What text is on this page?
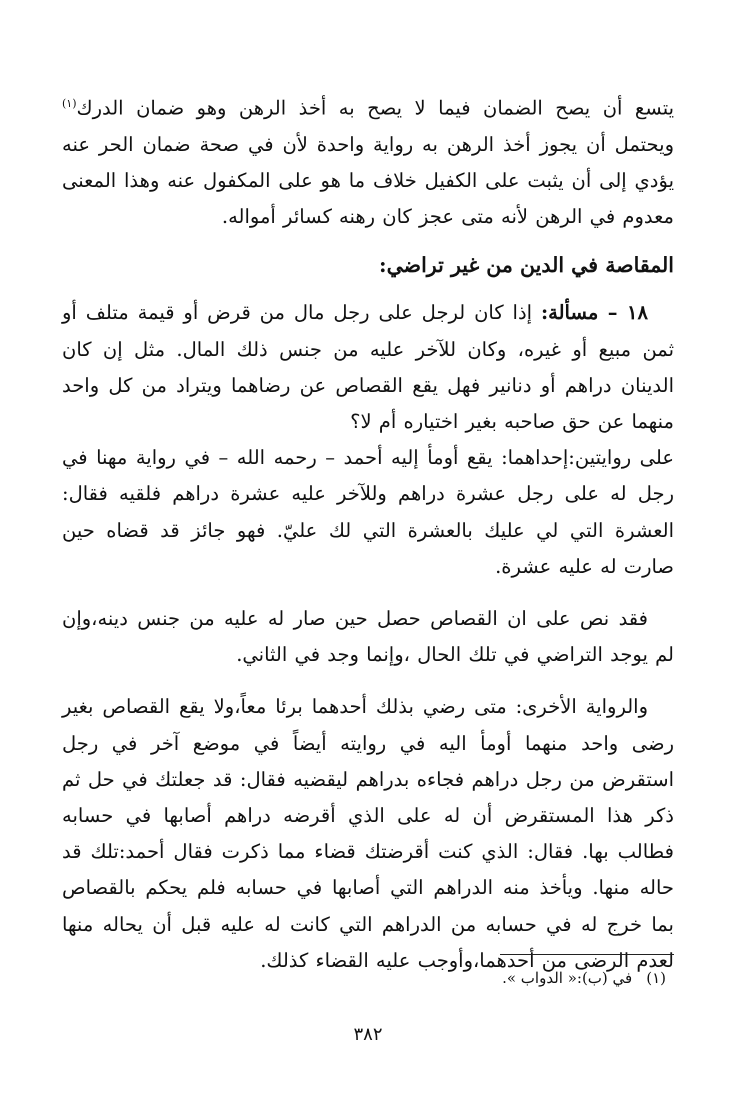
يتسع أن يصح الضمان فيما لا يصح به أخذ الرهن وهو ضمان الدرك$^{(١)}$ ويحتمل أن يجوز أخذ الرهن به رواية واحدة لأن في صحة ضمان الحر عنه يؤدي إلى أن يثبت على الكفيل خلاف ما هو على المكفول عنه وهذا المعنى معدوم في الرهن لأنه متى عجز كان رهنه كسائر أمواله.

المقاصة في الدين من غير تراضي:

١٨ – مسألة: إذا كان لرجل على رجل مال من قرض أو قيمة متلف أو ثمن مبيع أو غيره، وكان للآخر عليه من جنس ذلك المال. مثل إن كان الدينان دراهم أو دنانير فهل يقع القصاص عن رضاهما ويتراد من كل واحد منهما عن حق صاحبه بغير اختياره أم لا؟

على روايتين:إحداهما: يقع أومأ إليه أحمد – رحمه الله – في رواية مهنا في رجل له على رجل عشرة دراهم وللآخر عليه عشرة دراهم فلقيه فقال: العشرة التي لي عليك بالعشرة التي لك عليّ. فهو جائز قد قضاه حين صارت له عليه عشرة.

فقد نص على ان القصاص حصل حين صار له عليه من جنس دينه،وإن لم يوجد التراضي في تلك الحال ،وإنما وجد في الثاني.

والرواية الأخرى: متى رضي بذلك أحدهما برئا معاً،ولا يقع القصاص بغير رضى واحد منهما أومأ اليه في روايته أيضاً في موضع آخر في رجل استقرض من رجل دراهم فجاءه بدراهم ليقضيه فقال: قد جعلتك في حل ثم ذكر هذا المستقرض أن له على الذي أقرضه دراهم أصابها في حسابه فطالب بها. فقال: الذي كنت أقرضتك قضاء مما ذكرت فقال أحمد:تلك قد حاله منها. ويأخذ منه الدراهم التي أصابها في حسابه فلم يحكم بالقصاص بما خرج له في حسابه من الدراهم التي كانت له عليه قبل أن يحاله منها لعدم الرضى من أحدهما،وأوجب عليه القضاء كذلك.

(١)في (ب):« الدواب ».
٣٨٢
